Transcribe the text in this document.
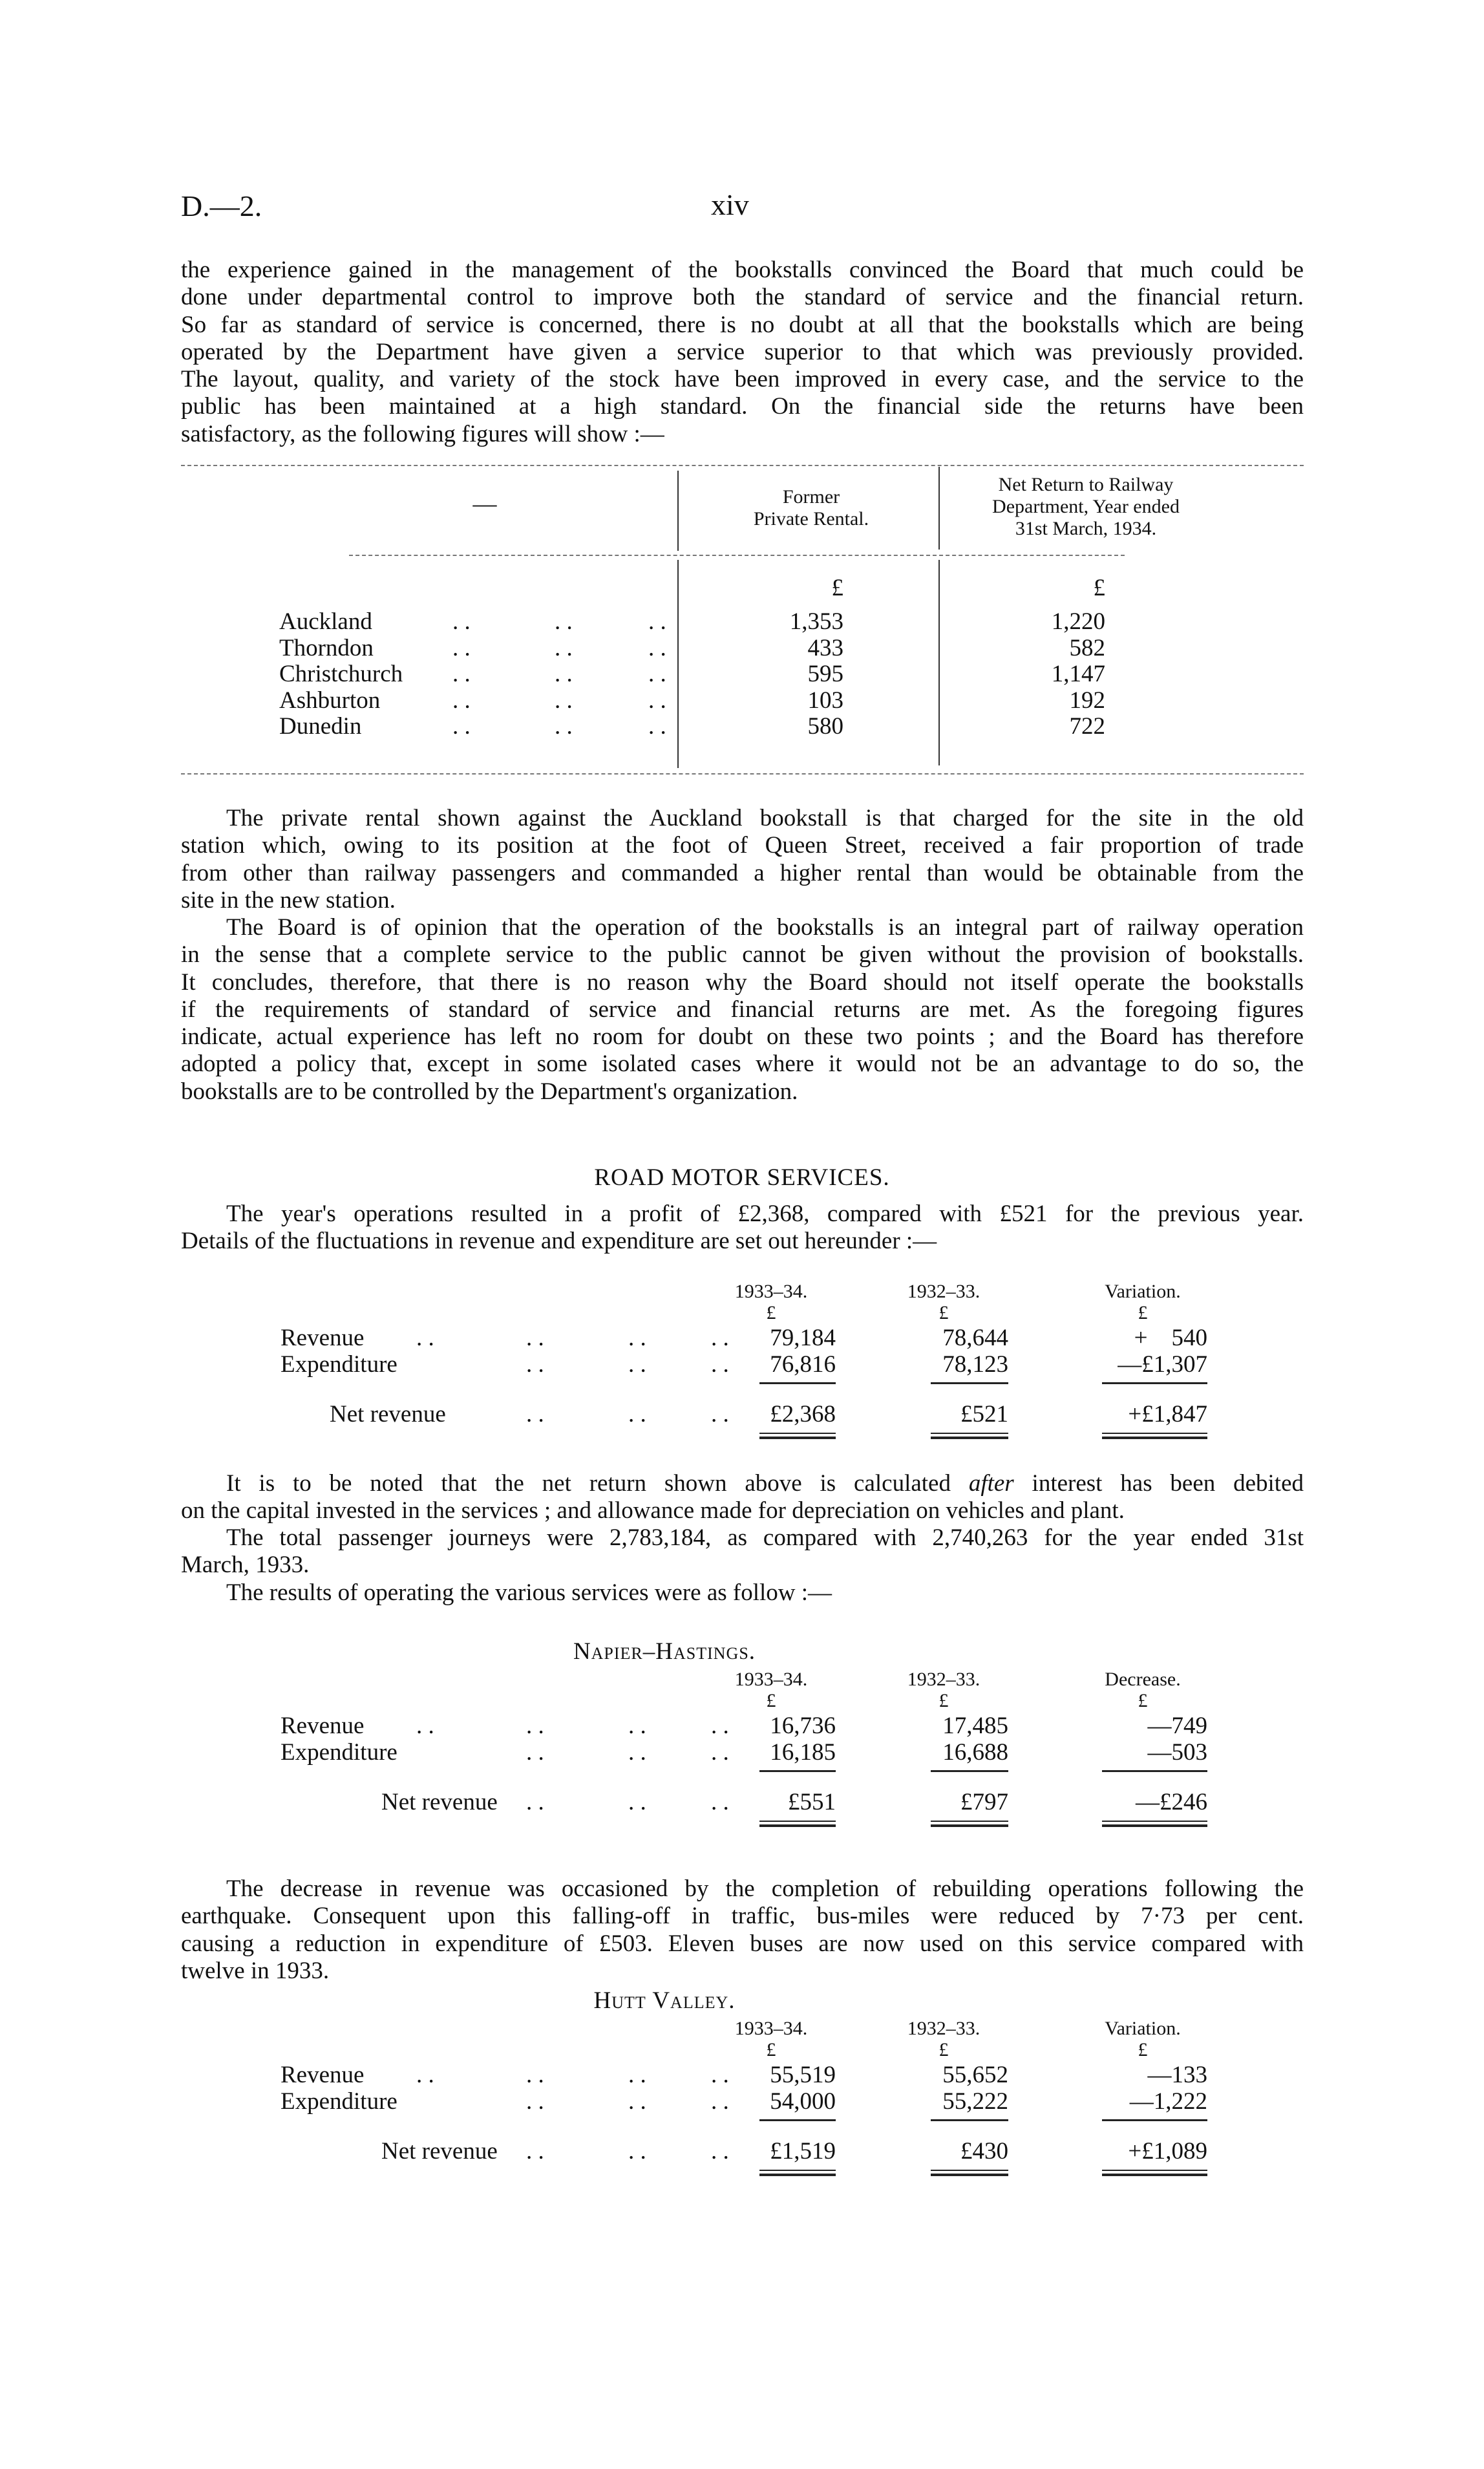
D.—2.	xiv
the experience gained in the management of the bookstalls convinced the Board that much could be
done under departmental control to improve both the standard of service and the financial return.
So far as standard of service is concerned, there is no doubt at all that the bookstalls which are being
operated by the Department have given a service superior to that which was previously provided.
The layout, quality, and variety of the stock have been improved in every case, and the service to the
public has been maintained at a high standard. On the financial side the returns have been
satisfactory, as the following figures will show :—
—	Former
Private Rental.
Net Return to Railway
Department, Year ended
31st March, 1934.
£	£
Auckland	. .	. .	. .	1,353	1,220
Thorndon	. .	. .	. .	433	582
Christchurch . .	. .	. .	595	1,147
Ashburton	. .	. .	. .	103	192
Dunedin	. .	. .	. .	580	722
The private rental shown against the Auckland bookstall is that charged for the site in the old
station which, owing to its position at the foot of Queen Street, received a fair proportion of trade
from other than railway passengers and commanded a higher rental than would be obtainable from the
site in the new station.
The Board is of opinion that the operation of the bookstalls is an integral part of railway operation
in the sense that a complete service to the public cannot be given without the provision of bookstalls.
It concludes, therefore, that there is no reason why the Board should not itself operate the bookstalls
if the requirements of standard of service and financial returns are met. As the foregoing figures
indicate, actual experience has left no room for doubt on these two points ; and the Board has therefore
adopted a policy that, except in some isolated cases where it would not be an advantage to do so, the
bookstalls are to be controlled by the Department's organization.
ROAD MOTOR SERVICES.
The year's operations resulted in a profit of £2,368, compared with £521 for the previous year.
Details of the fluctuations in revenue and expenditure are set out hereunder :—
1933–34.	1932–33.	Variation.
£	£	£
Revenue	79,184	78,644	+    540
. .	. .	. .	. .
Expenditure	76,816	78,123	—£1,307
. .	. .	. .
Net revenue	. .	. .	. .	£2,368	£521	+£1,847
It is to be noted that the net return shown above is calculated after interest has been debited
on the capital invested in the services ; and allowance made for depreciation on vehicles and plant.
The total passenger journeys were 2,783,184, as compared with 2,740,263 for the year ended 31st
March, 1933.
The results of operating the various services were as follow :—
Napier–Hastings.
1933–34.	1932–33.	Decrease.
£	£	£
Revenue	16,736	17,485	—749
. .	. .	. .	. .
Expenditure	16,185	16,688	—503
. .	. .	. .
Net revenue . .	. .	. .	£551	£797	—£246
The decrease in revenue was occasioned by the completion of rebuilding operations following the
earthquake. Consequent upon this falling-off in traffic, bus-miles were reduced by 7·73 per cent.
causing a reduction in expenditure of £503. Eleven buses are now used on this service compared with
twelve in 1933.
Hutt Valley.
1933–34.	1932–33.	Variation.
£	£	£
Revenue	55,519	55,652	—133
. .	. .	. .	. .
Expenditure	54,000	55,222	—1,222
. .	. .	. .
Net revenue . .	. .	. .	£1,519	£430	+£1,089
